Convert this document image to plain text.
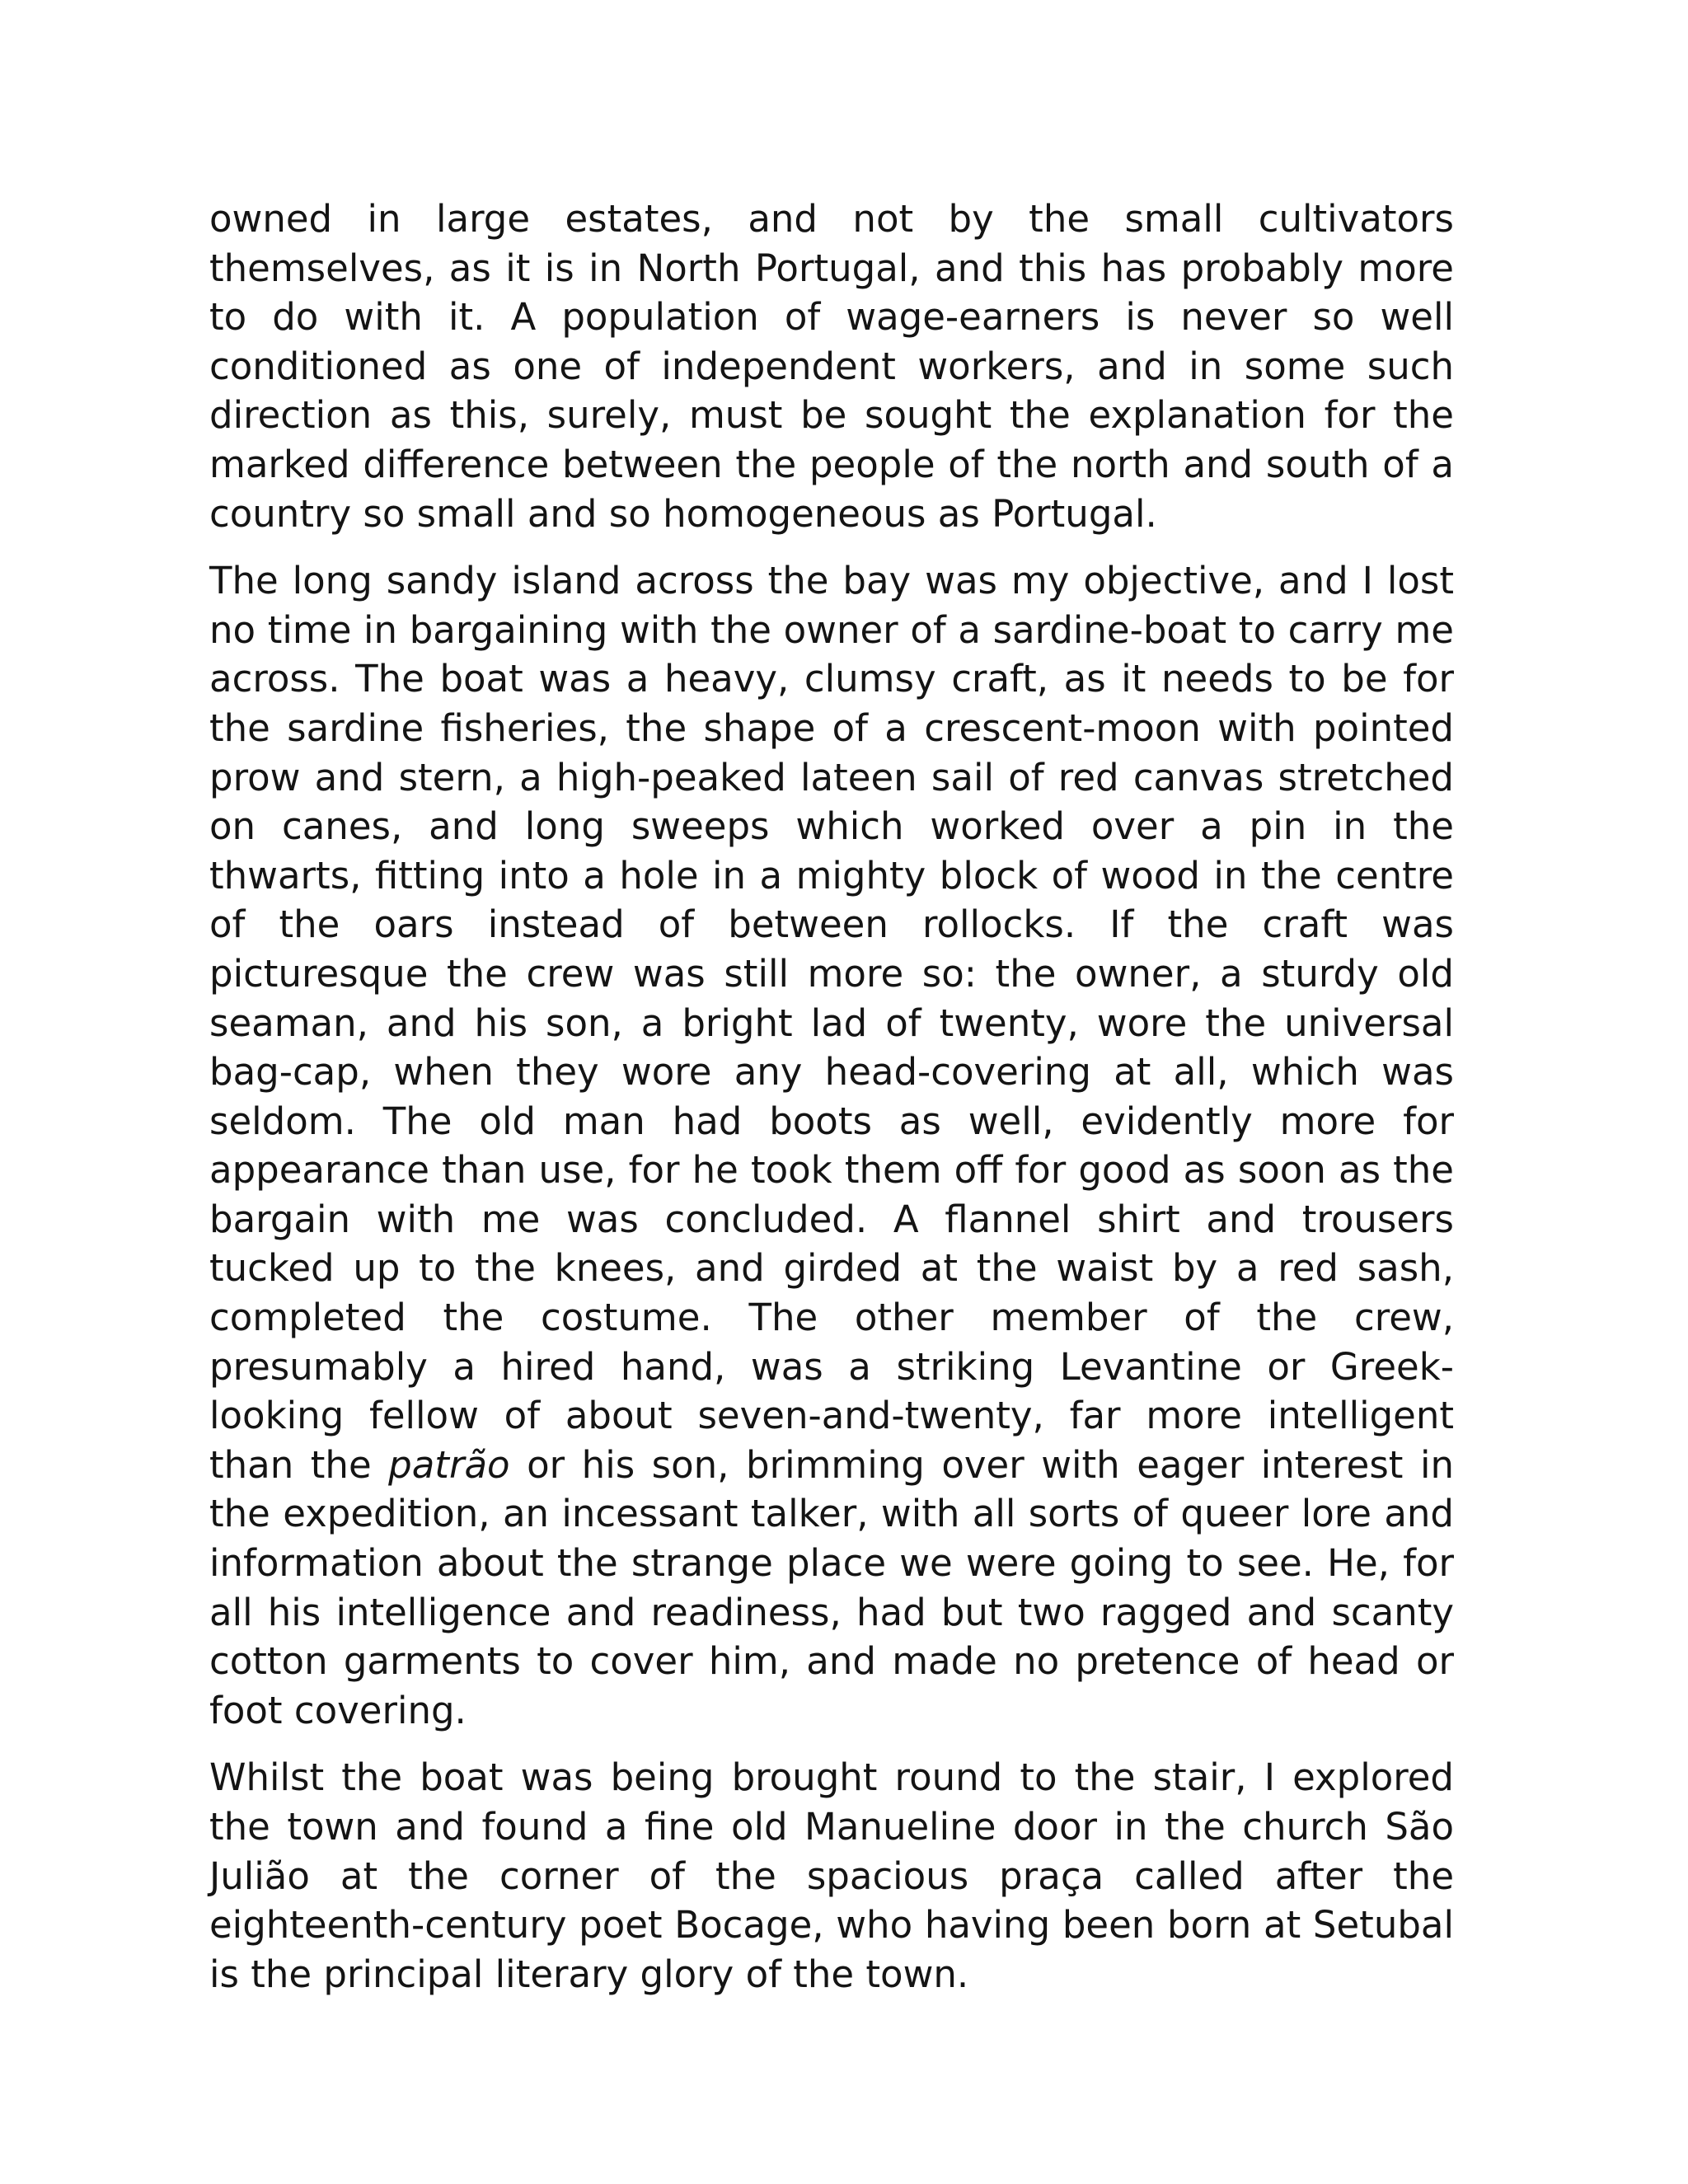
owned in large estates, and not by the small cultivators themselves, as it is in North Portugal, and this has probably more to do with it. A population of wage-earners is never so well conditioned as one of independent workers, and in some such direction as this, surely, must be sought the explanation for the marked difference between the people of the north and south of a country so small and so homogeneous as Portugal.

The long sandy island across the bay was my objective, and I lost no time in bargaining with the owner of a sardine-boat to carry me across. The boat was a heavy, clumsy craft, as it needs to be for the sardine fisheries, the shape of a crescent-moon with pointed prow and stern, a high-peaked lateen sail of red canvas stretched on canes, and long sweeps which worked over a pin in the thwarts, fitting into a hole in a mighty block of wood in the centre of the oars instead of between rollocks. If the craft was picturesque the crew was still more so: the owner, a sturdy old seaman, and his son, a bright lad of twenty, wore the universal bag-cap, when they wore any head-covering at all, which was seldom. The old man had boots as well, evidently more for appearance than use, for he took them off for good as soon as the bargain with me was concluded. A flannel shirt and trousers tucked up to the knees, and girded at the waist by a red sash, completed the costume. The other member of the crew, presumably a hired hand, was a striking Levantine or Greek-looking fellow of about seven-and-twenty, far more intelligent than the patrão or his son, brimming over with eager interest in the expedition, an incessant talker, with all sorts of queer lore and information about the strange place we were going to see. He, for all his intelligence and readiness, had but two ragged and scanty cotton garments to cover him, and made no pretence of head or foot covering.

Whilst the boat was being brought round to the stair, I explored the town and found a fine old Manueline door in the church São Julião at the corner of the spacious praça called after the eighteenth-century poet Bocage, who having been born at Setubal is the principal literary glory of the town.
